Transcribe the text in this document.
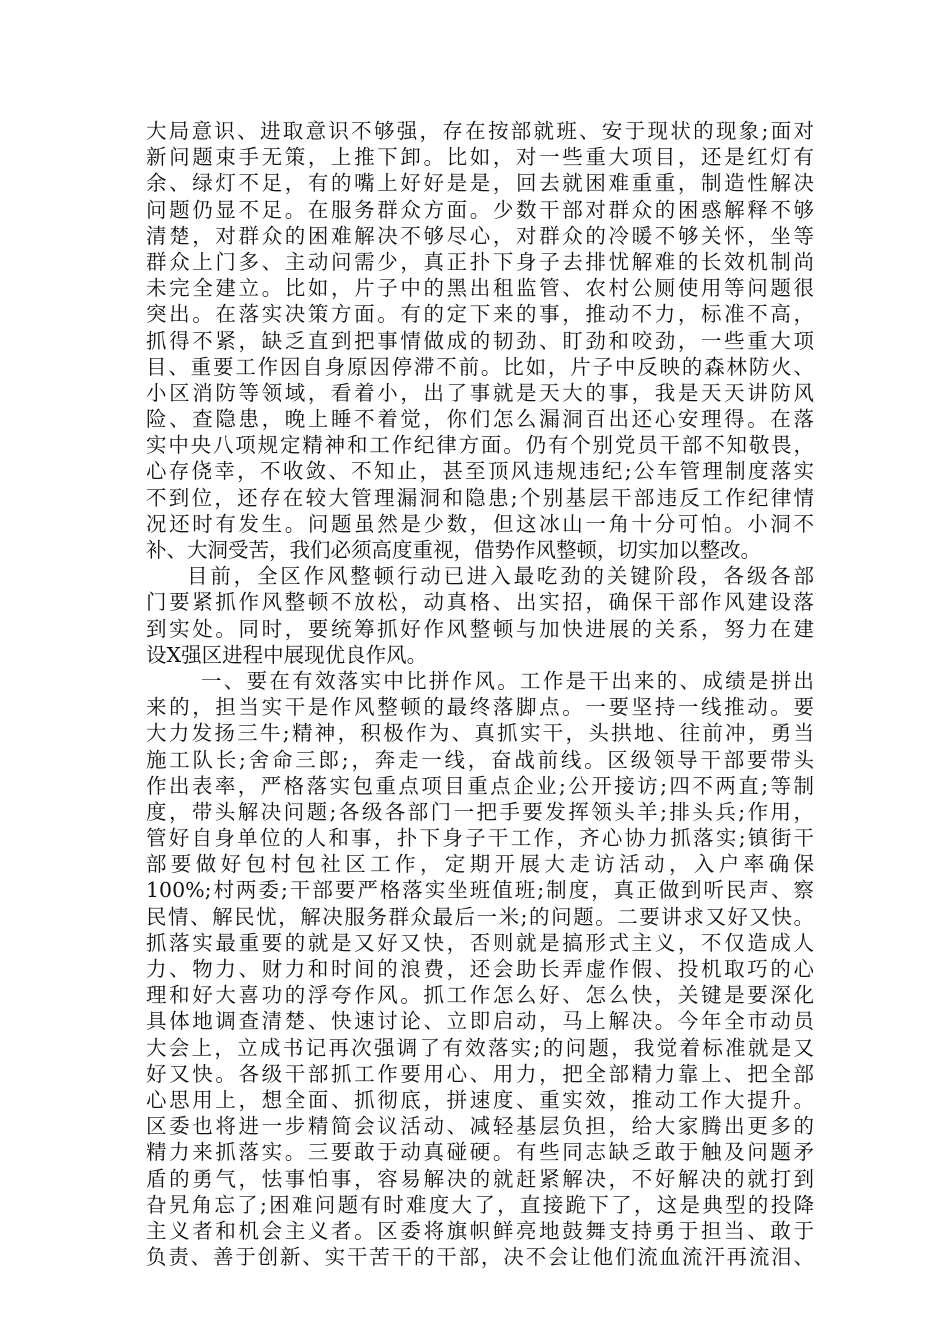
大局意识、进取意识不够强，存在按部就班、安于现状的现象;面对
新问题束手无策，上推下卸。比如，对一些重大项目，还是红灯有
余、绿灯不足，有的嘴上好好是是，回去就困难重重，制造性解决
问题仍显不足。在服务群众方面。少数干部对群众的困惑解释不够
清楚，对群众的困难解决不够尽心，对群众的冷暖不够关怀，坐等
群众上门多、主动问需少，真正扑下身子去排忧解难的长效机制尚
未完全建立。比如，片子中的黑出租监管、农村公厕使用等问题很
突出。在落实决策方面。有的定下来的事，推动不力，标准不高，
抓得不紧，缺乏直到把事情做成的韧劲、盯劲和咬劲，一些重大项
目、重要工作因自身原因停滞不前。比如，片子中反映的森林防火、
小区消防等领域，看着小，出了事就是天大的事，我是天天讲防风
险、查隐患，晚上睡不着觉，你们怎么漏洞百出还心安理得。在落
实中央八项规定精神和工作纪律方面。仍有个别党员干部不知敬畏，
心存侥幸，不收敛、不知止，甚至顶风违规违纪;公车管理制度落实
不到位，还存在较大管理漏洞和隐患;个别基层干部违反工作纪律情
况还时有发生。问题虽然是少数，但这冰山一角十分可怕。小洞不
补、大洞受苦，我们必须高度重视，借势作风整顿，切实加以整改。
目前，全区作风整顿行动已进入最吃劲的关键阶段，各级各部
门要紧抓作风整顿不放松，动真格、出实招，确保干部作风建设落
到实处。同时，要统筹抓好作风整顿与加快进展的关系，努力在建
设X强区进程中展现优良作风。
一、要在有效落实中比拼作风。工作是干出来的、成绩是拼出
来的，担当实干是作风整顿的最终落脚点。一要坚持一线推动。要
大力发扬三牛;精神，积极作为、真抓实干，头拱地、往前冲，勇当
施工队长;舍命三郎;，奔走一线，奋战前线。区级领导干部要带头
作出表率，严格落实包重点项目重点企业;公开接访;四不两直;等制
度，带头解决问题;各级各部门一把手要发挥领头羊;排头兵;作用，
管好自身单位的人和事，扑下身子干工作，齐心协力抓落实;镇街干
部要做好包村包社区工作，定期开展大走访活动，入户率确保
100%;村两委;干部要严格落实坐班值班;制度，真正做到听民声、察
民情、解民忧，解决服务群众最后一米;的问题。二要讲求又好又快。
抓落实最重要的就是又好又快，否则就是搞形式主义，不仅造成人
力、物力、财力和时间的浪费，还会助长弄虚作假、投机取巧的心
理和好大喜功的浮夸作风。抓工作怎么好、怎么快，关键是要深化
具体地调查清楚、快速讨论、立即启动，马上解决。今年全市动员
大会上，立成书记再次强调了有效落实;的问题，我觉着标准就是又
好又快。各级干部抓工作要用心、用力，把全部精力靠上、把全部
心思用上，想全面、抓彻底，拼速度、重实效，推动工作大提升。
区委也将进一步精简会议活动、减轻基层负担，给大家腾出更多的
精力来抓落实。三要敢于动真碰硬。有些同志缺乏敢于触及问题矛
盾的勇气，怯事怕事，容易解决的就赶紧解决，不好解决的就打到
旮旯角忘了;困难问题有时难度大了，直接跪下了，这是典型的投降
主义者和机会主义者。区委将旗帜鲜亮地鼓舞支持勇于担当、敢于
负责、善于创新、实干苦干的干部，决不会让他们流血流汗再流泪、
